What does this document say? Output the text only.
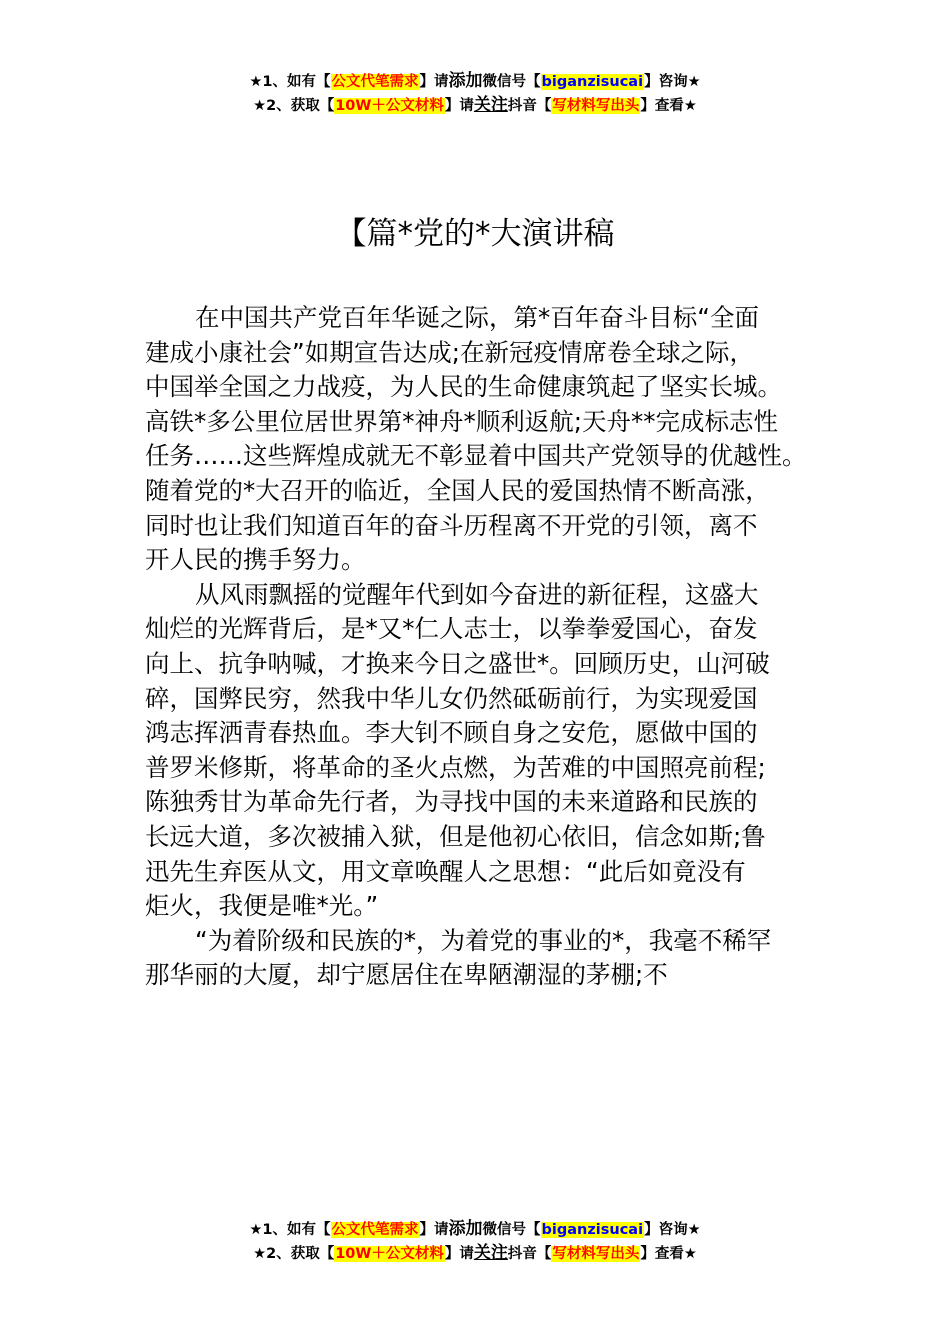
★1、如有【公文代笔需求】请添加微信号【biganzisucai】咨询★
★2、获取【10W＋公文材料】请关注抖音【写材料写出头】查看★
【篇*党的*大演讲稿
在中国共产党百年华诞之际，第*百年奋斗目标“全面
建成小康社会”如期宣告达成;在新冠疫情席卷全球之际，
中国举全国之力战疫，为人民的生命健康筑起了坚实长城。
高铁*多公里位居世界第*神舟*顺利返航;天舟**完成标志性
任务……这些辉煌成就无不彰显着中国共产党领导的优越性。
随着党的*大召开的临近，全国人民的爱国热情不断高涨，
同时也让我们知道百年的奋斗历程离不开党的引领，离不
开人民的携手努力。
从风雨飘摇的觉醒年代到如今奋进的新征程，这盛大
灿烂的光辉背后，是*又*仁人志士，以拳拳爱国心，奋发
向上、抗争呐喊，才换来今日之盛世*。回顾历史，山河破
碎，国弊民穷，然我中华儿女仍然砥砺前行，为实现爱国
鸿志挥洒青春热血。李大钊不顾自身之安危，愿做中国的
普罗米修斯，将革命的圣火点燃，为苦难的中国照亮前程;
陈独秀甘为革命先行者，为寻找中国的未来道路和民族的
长远大道，多次被捕入狱，但是他初心依旧，信念如斯;鲁
迅先生弃医从文，用文章唤醒人之思想：“此后如竟没有
炬火，我便是唯*光。”
“为着阶级和民族的*，为着党的事业的*，我毫不稀罕
那华丽的大厦，却宁愿居住在卑陋潮湿的茅棚;不
★1、如有【公文代笔需求】请添加微信号【biganzisucai】咨询★
★2、获取【10W＋公文材料】请关注抖音【写材料写出头】查看★
